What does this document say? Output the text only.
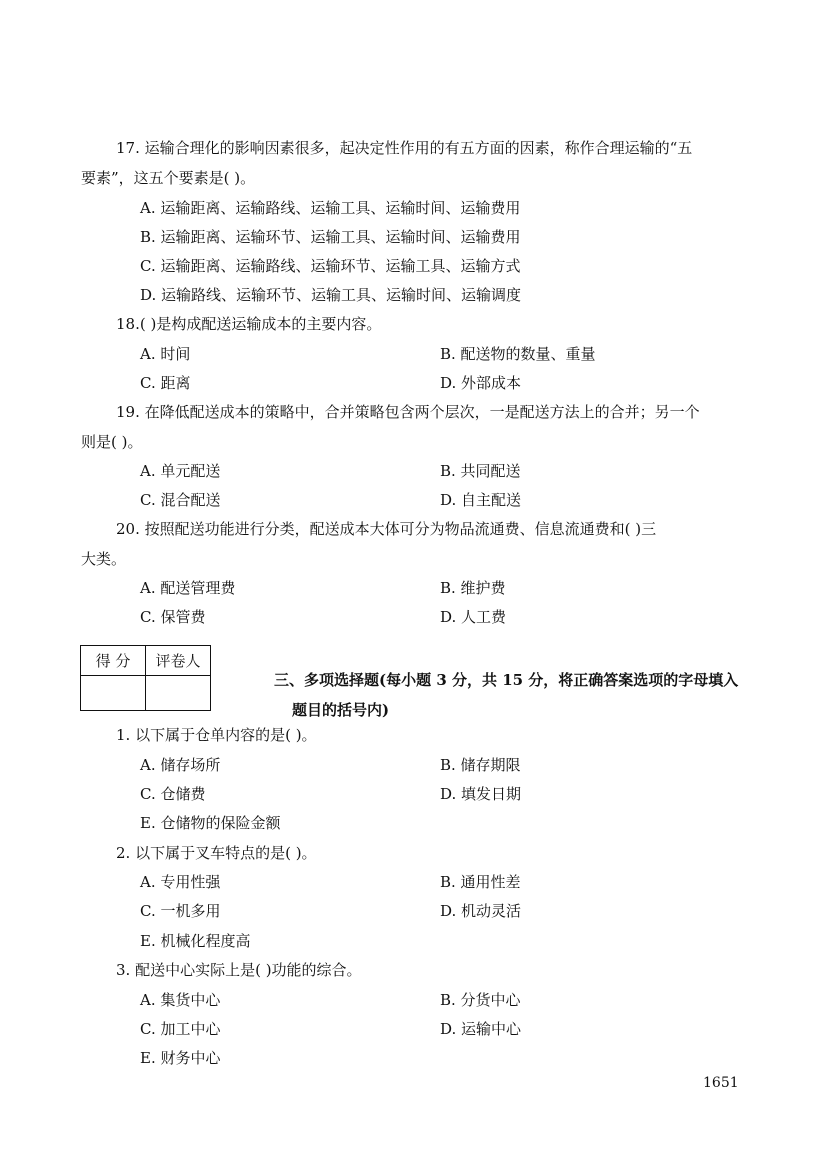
17. 运输合理化的影响因素很多，起决定性作用的有五方面的因素，称作合理运输的“五
要素”，这五个要素是( )。
A. 运输距离、运输路线、运输工具、运输时间、运输费用
B. 运输距离、运输环节、运输工具、运输时间、运输费用
C. 运输距离、运输路线、运输环节、运输工具、运输方式
D. 运输路线、运输环节、运输工具、运输时间、运输调度
18.( )是构成配送运输成本的主要内容。
A. 时间	B. 配送物的数量、重量
C. 距离	D. 外部成本
19. 在降低配送成本的策略中，合并策略包含两个层次，一是配送方法上的合并；另一个
则是( )。
A. 单元配送	B. 共同配送
C. 混合配送	D. 自主配送
20. 按照配送功能进行分类，配送成本大体可分为物品流通费、信息流通费和( )三
大类。
A. 配送管理费	B. 维护费
C. 保管费	D. 人工费
得 分	评卷人

三、多项选择题(每小题 3 分，共 15 分，将正确答案选项的字母填入
题目的括号内)
1. 以下属于仓单内容的是( )。
A. 储存场所	B. 储存期限
C. 仓储费	D. 填发日期
E. 仓储物的保险金额
2. 以下属于叉车特点的是( )。
A. 专用性强	B. 通用性差
C. 一机多用	D. 机动灵活
E. 机械化程度高
3. 配送中心实际上是( )功能的综合。
A. 集货中心	B. 分货中心
C. 加工中心	D. 运输中心
E. 财务中心
1651
